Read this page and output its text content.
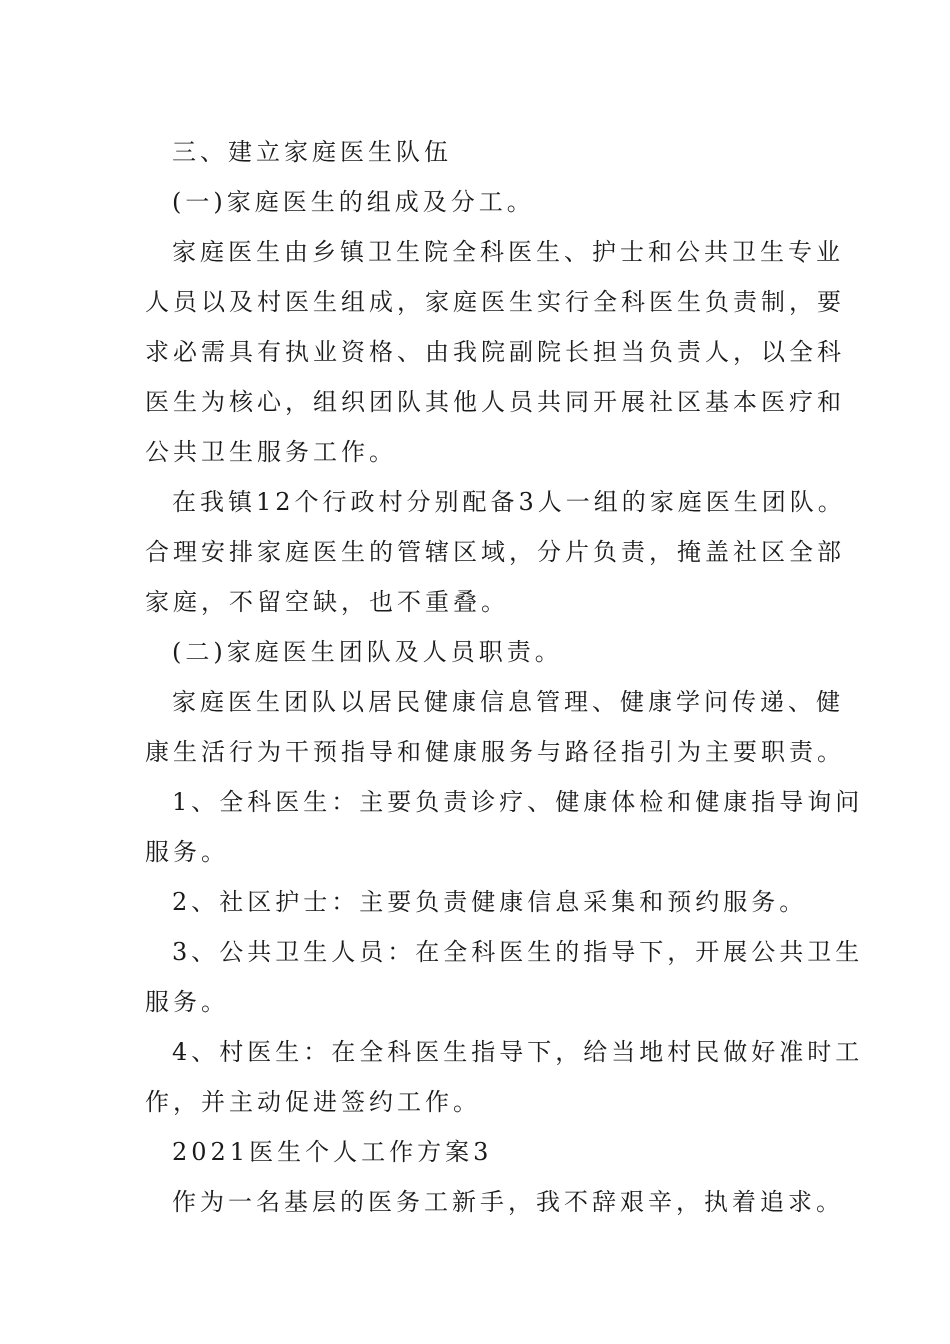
三、建立家庭医生队伍
(一)家庭医生的组成及分工。
家庭医生由乡镇卫生院全科医生、护士和公共卫生专业
人员以及村医生组成，家庭医生实行全科医生负责制，要
求必需具有执业资格、由我院副院长担当负责人，以全科
医生为核心，组织团队其他人员共同开展社区基本医疗和
公共卫生服务工作。
在我镇12个行政村分别配备3人一组的家庭医生团队。
合理安排家庭医生的管辖区域，分片负责，掩盖社区全部
家庭，不留空缺，也不重叠。
(二)家庭医生团队及人员职责。
家庭医生团队以居民健康信息管理、健康学问传递、健
康生活行为干预指导和健康服务与路径指引为主要职责。
1、全科医生：主要负责诊疗、健康体检和健康指导询问
服务。
2、社区护士：主要负责健康信息采集和预约服务。
3、公共卫生人员：在全科医生的指导下，开展公共卫生
服务。
4、村医生：在全科医生指导下，给当地村民做好准时工
作，并主动促进签约工作。
2021医生个人工作方案3
作为一名基层的医务工新手，我不辞艰辛，执着追求。
